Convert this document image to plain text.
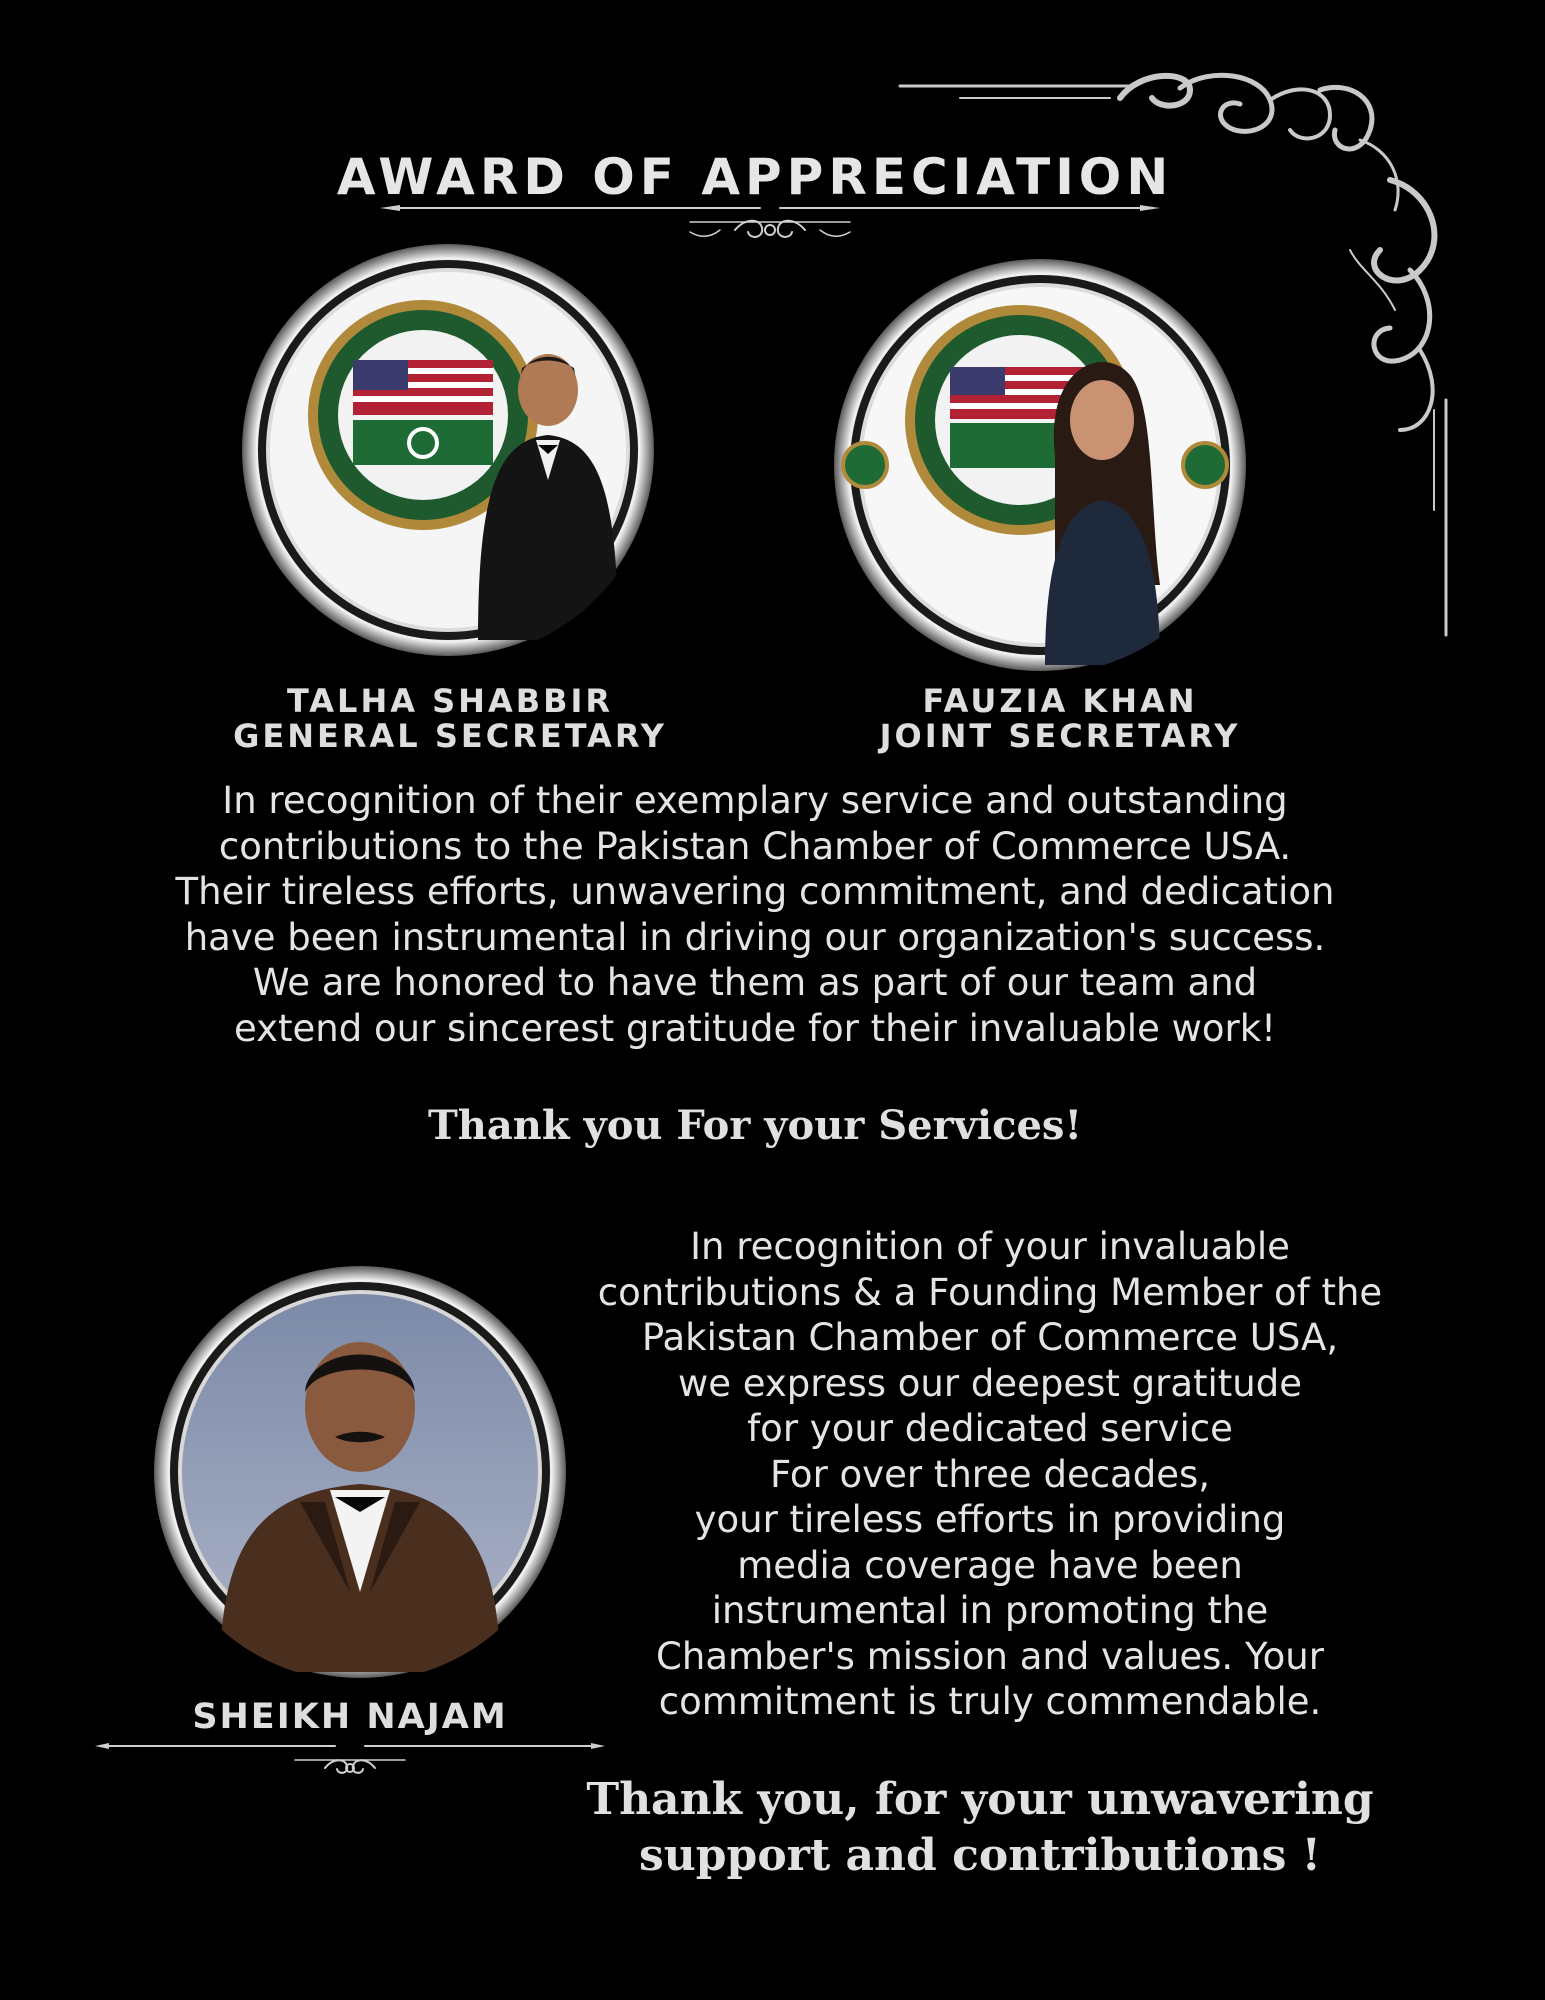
AWARD OF APPRECIATION
TALHA SHABBIR
GENERAL SECRETARY
FAUZIA KHAN
JOINT SECRETARY
In recognition of their exemplary service and outstanding
contributions to the Pakistan Chamber of Commerce USA.
Their tireless efforts, unwavering commitment, and dedication
have been instrumental in driving our organization's success.
We are honored to have them as part of our team and
extend our sincerest gratitude for their invaluable work!
Thank you For your Services!
SHEIKH NAJAM
In recognition of your invaluable
contributions & a Founding Member of the
Pakistan Chamber of Commerce USA,
we express our deepest gratitude
for your dedicated service
For over three decades,
your tireless efforts in providing
media coverage have been
instrumental in promoting the
Chamber's mission and values. Your
commitment is truly commendable.
Thank you, for your unwavering
support and contributions !
